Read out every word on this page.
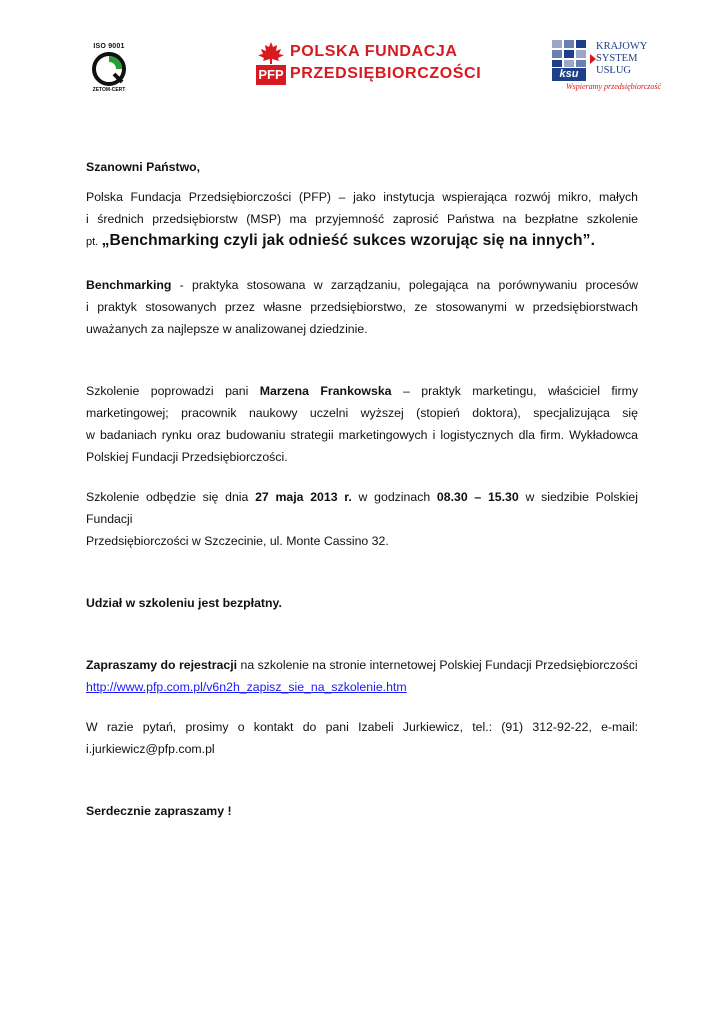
ISO 9001
ZETOM-CERT
PFP
POLSKA FUNDACJA
PRZEDSIĘBIORCZOŚCI	ksu
KRAJOWY
SYSTEM
USŁUG
Wspieramy przedsiębiorczość

Szanowni Państwo,

Polska Fundacja Przedsiębiorczości (PFP) – jako instytucja wspierająca rozwój mikro, małych
i średnich przedsiębiorstw (MSP) ma przyjemność zaprosić Państwa na bezpłatne szkolenie
pt. „Benchmarking czyli jak odnieść sukces wzorując się na innych”.

Benchmarking - praktyka stosowana w zarządzaniu, polegająca na porównywaniu procesów
i praktyk stosowanych przez własne przedsiębiorstwo, ze stosowanymi w przedsiębiorstwach
uważanych za najlepsze w analizowanej dziedzinie.

Szkolenie poprowadzi pani Marzena Frankowska – praktyk marketingu, właściciel firmy
marketingowej; pracownik naukowy uczelni wyższej (stopień doktora), specjalizująca się
w badaniach rynku oraz budowaniu strategii marketingowych i logistycznych dla firm. Wykładowca
Polskiej Fundacji Przedsiębiorczości.

Szkolenie odbędzie się dnia 27 maja 2013 r. w godzinach 08.30 – 15.30 w siedzibie Polskiej Fundacji
Przedsiębiorczości w Szczecinie, ul. Monte Cassino 32.

Udział w szkoleniu jest bezpłatny.

Zapraszamy do rejestracji na szkolenie na stronie internetowej Polskiej Fundacji Przedsiębiorczości
http://www.pfp.com.pl/v6n2h_zapisz_sie_na_szkolenie.htm

W razie pytań, prosimy o kontakt do pani Izabeli Jurkiewicz, tel.: (91) 312-92-22, e-mail:
i.jurkiewicz@pfp.com.pl

Serdecznie zapraszamy !
